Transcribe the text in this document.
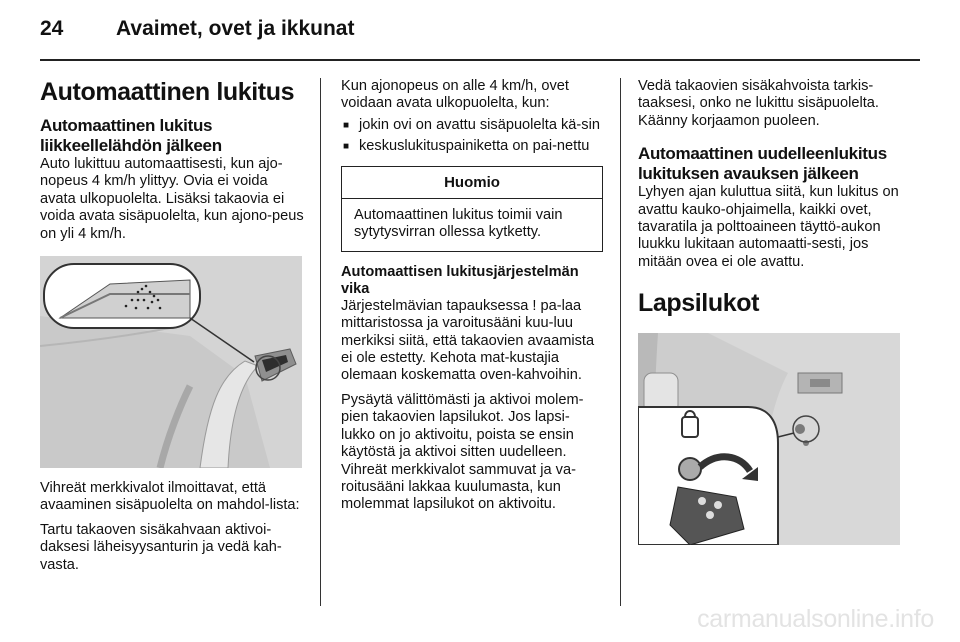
24	Avaimet, ovet ja ikkunat
Automaattinen lukitus
Automaattinen lukitus liikkeellelähdön jälkeen

Auto lukittuu automaattisesti, kun ajo-nopeus 4 km/h ylittyy. Ovia ei voida avata ulkopuolelta. Lisäksi takaovia ei voida avata sisäpuolelta, kun ajono-peus on yli 4 km/h.

Vihreät merkkivalot ilmoittavat, että avaaminen sisäpuolelta on mahdol-lista:

Tartu takaoven sisäkahvaan aktivoi-daksesi läheisyysanturin ja vedä kah-vasta.

Kun ajonopeus on alle 4 km/h, ovet voidaan avata ulkopuolelta, kun:

■ jokin ovi on avattu sisäpuolelta kä-sin
■ keskuslukituspainiketta on pai-nettu
Huomio
Automaattinen lukitus toimii vain sytytysvirran ollessa kytketty.
Automaattisen lukitusjärjestelmän vika

Järjestelmävian tapauksessa ! pa-laa mittaristossa ja varoitusääni kuu-luu merkiksi siitä, että takaovien avaamista ei ole estetty. Kehota mat-kustajia olemaan koskematta oven-kahvoihin.

Pysäytä välittömästi ja aktivoi molem-pien takaovien lapsilukot. Jos lapsi-lukko on jo aktivoitu, poista se ensin käytöstä ja aktivoi sitten uudelleen. Vihreät merkkivalot sammuvat ja va-roitusääni lakkaa kuulumasta, kun molemmat lapsilukot on aktivoitu.

Vedä takaovien sisäkahvoista tarkis-taaksesi, onko ne lukittu sisäpuolelta. Käänny korjaamon puoleen.

Automaattinen uudelleenlukitus lukituksen avauksen jälkeen

Lyhyen ajan kuluttua siitä, kun lukitus on avattu kauko-ohjaimella, kaikki ovet, tavaratila ja polttoaineen täyttö-aukon luukku lukitaan automaatti-sesti, jos mitään ovea ei ole avattu.

Lapsilukot
carmanualsonline.info
